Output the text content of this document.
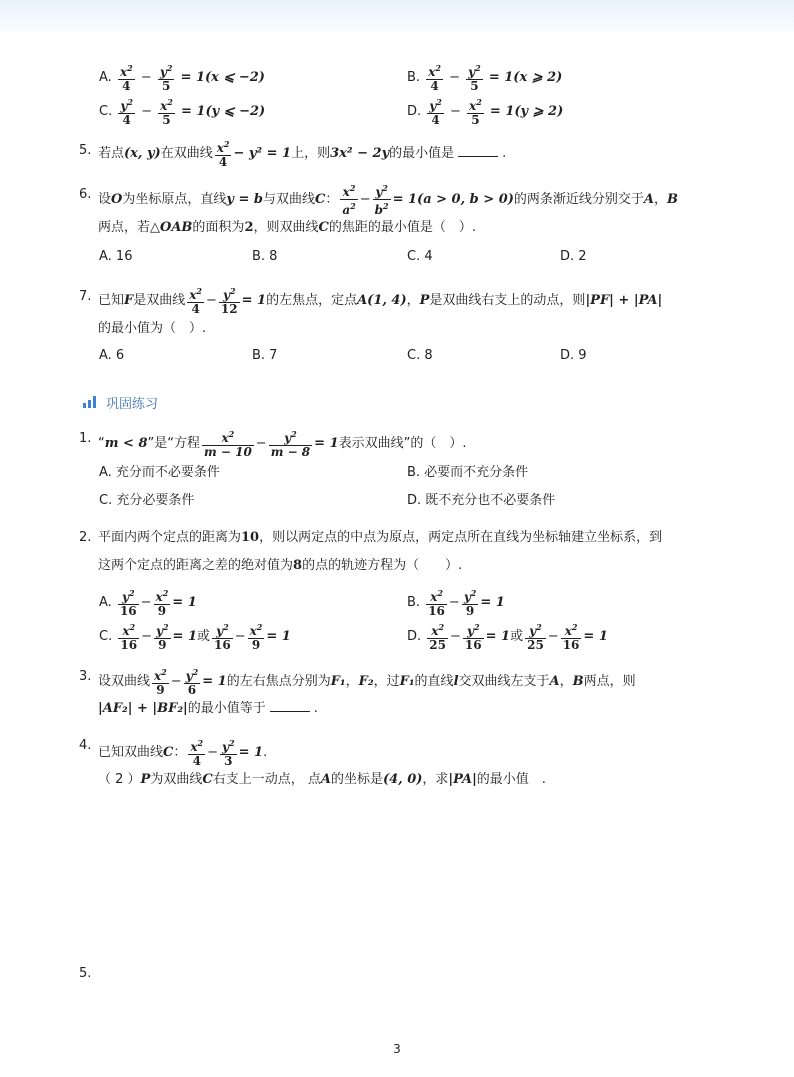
A. $\frac{x^2}{4} - \frac{y^2}{5} = 1(x$ ⩽ −2)	B. $\frac{x^2}{4} - \frac{y^2}{5} = 1(x$ ⩾ 2)
C. $\frac{y^2}{4} - \frac{x^2}{5} = 1(y$ ⩽ −2)	D. $\frac{y^2}{4} - \frac{x^2}{5} = 1(y$ ⩾ 2)
5. 若点(x, y)在双曲线 $\frac{x^2}{4} - y^2 = 1$上，则3x² − 2y的最小值是	.
6. 设O为坐标原点，直线y = b与双曲线C： $\frac{x^2}{a^2} - \frac{y^2}{b^2} = 1(a > 0$, b > 0)的两条渐近线分别交于A，B
两点，若△OAB的面积为2，则双曲线C的焦距的最小值是（　）.
A. 16	B. 8	C. 4	D. 2
7. 已知F是双曲线 $\frac{x^2}{4} - \frac{y^2}{12} = 1$的左焦点，定点A(1, 4)，P是双曲线右支上的动点，则|PF| + |PA|
的最小值为（　）.
A. 6	B. 7	C. 8	D. 9
巩固练习
1. “m < 8”是“方程 $\frac{x^2}{m - 10} - \frac{y^2}{m - 8} = 1$表示双曲线”的（　）.
A. 充分而不必要条件	B. 必要而不充分条件
C. 充分必要条件	D. 既不充分也不必要条件
2. 平面内两个定点的距离为10，则以两定点的中点为原点，两定点所在直线为坐标轴建立坐标系，到
这两个定点的距离之差的绝对值为8的点的轨迹方程为（　　）.
A. $\frac{y^2}{16} - \frac{x^2}{9} = 1$	B. $\frac{x^2}{16} - \frac{y^2}{9} = 1$
C. $\frac{x^2}{16} - \frac{y^2}{9} = 1$或 $\frac{y^2}{16} - \frac{x^2}{9} = 1$	D. $\frac{x^2}{25} - \frac{y^2}{16} = 1$或 $\frac{y^2}{25} - \frac{x^2}{16} = 1$
3. 设双曲线 $\frac{x^2}{9} - \frac{y^2}{6} = 1$的左右焦点分别为F₁，F₂，过F₁的直线l交双曲线左支于A，B两点，则
|AF₂| + |BF₂|的最小值等于	.
4. 已知双曲线C： $\frac{x^2}{4} - \frac{y^2}{3} = 1$.
（ 2 ）P为双曲线C右支上一动点， 点A的坐标是(4, 0)，求|PA|的最小值　.
5.
3
